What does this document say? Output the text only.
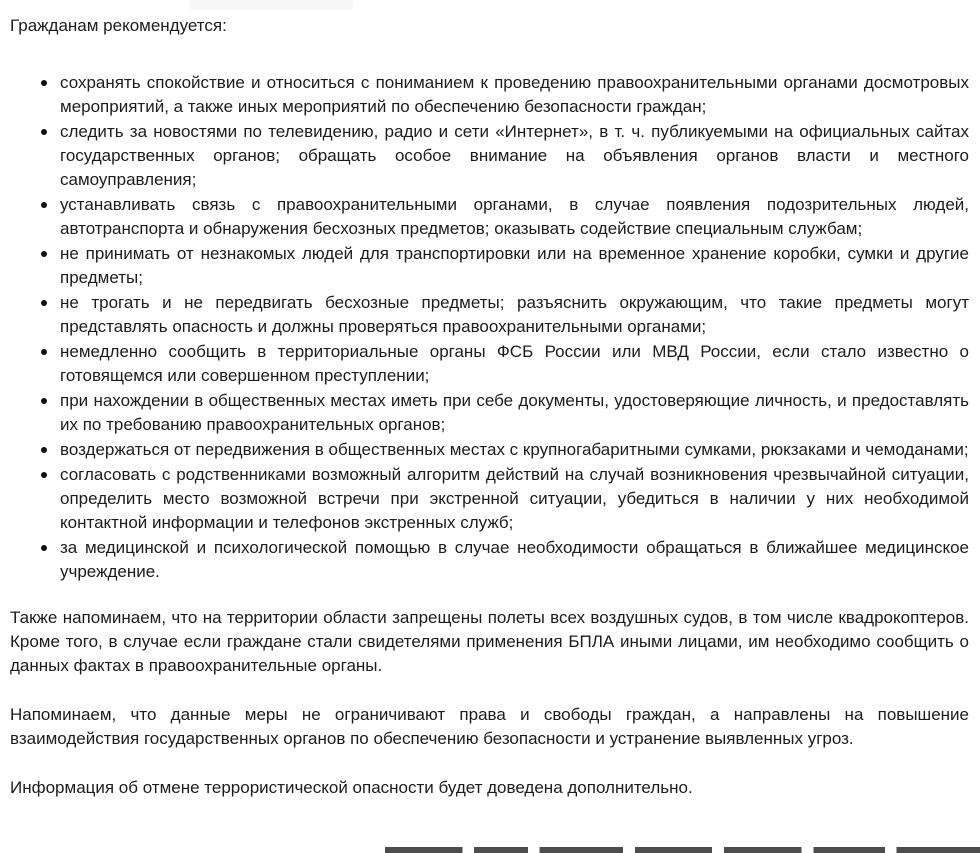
Гражданам рекомендуется:

сохранять спокойствие и относиться с пониманием к проведению правоохранительными органами досмотровых мероприятий, а также иных мероприятий по обеспечению безопасности граждан;
следить за новостями по телевидению, радио и сети «Интернет», в т. ч. публикуемыми на официальных сайтах государственных органов; обращать особое внимание на объявления органов власти и местного самоуправления;
устанавливать связь с правоохранительными органами, в случае появления подозрительных людей, автотранспорта и обнаружения бесхозных предметов; оказывать содействие специальным службам;
не принимать от незнакомых людей для транспортировки или на временное хранение коробки, сумки и другие предметы;
не трогать и не передвигать бесхозные предметы; разъяснить окружающим, что такие предметы могут представлять опасность и должны проверяться правоохранительными органами;
немедленно сообщить в территориальные органы ФСБ России или МВД России, если стало известно о готовящемся или совершенном преступлении;
при нахождении в общественных местах иметь при себе документы, удостоверяющие личность, и предоставлять их по требованию правоохранительных органов;
воздержаться от передвижения в общественных местах с крупногабаритными сумками, рюкзаками и чемоданами;
согласовать с родственниками возможный алгоритм действий на случай возникновения чрезвычайной ситуации, определить место возможной встречи при экстренной ситуации, убедиться в наличии у них необходимой контактной информации и телефонов экстренных служб;
за медицинской и психологической помощью в случае необходимости обращаться в ближайшее медицинское учреждение.

Также напоминаем, что на территории области запрещены полеты всех воздушных судов, в том числе квадрокоптеров. Кроме того, в случае если граждане стали свидетелями применения БПЛА иными лицами, им необходимо сообщить о данных фактах в правоохранительные органы.

Напоминаем, что данные меры не ограничивают права и свободы граждан, а направлены на повышение взаимодействия государственных органов по обеспечению безопасности и устранение выявленных угроз.

Информация об отмене террористической опасности будет доведена дополнительно.
